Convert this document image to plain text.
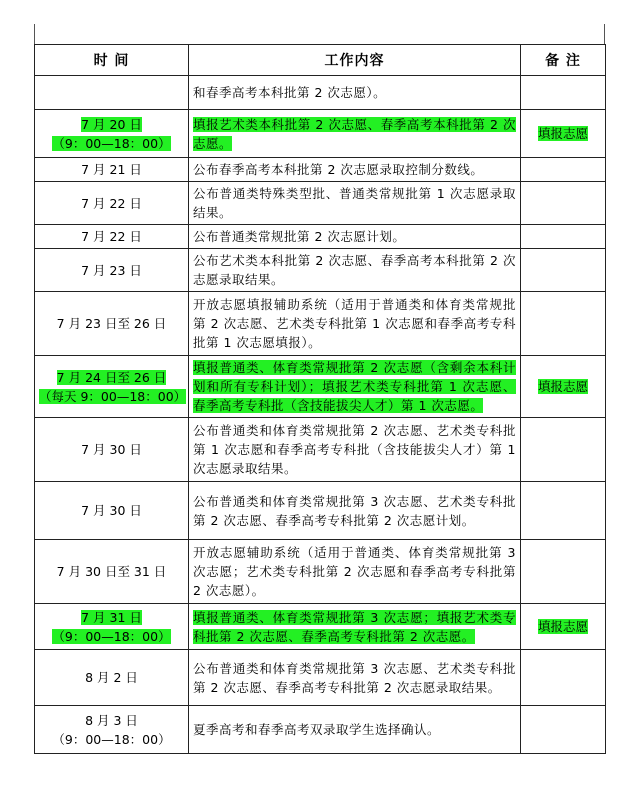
时 间	工作内容	备 注
	和春季高考本科批第 2 次志愿）。	
7 月 20 日
（9：00—18：00）	填报艺术类本科批第 2 次志愿、春季高考本科批第 2 次志愿。	填报志愿
7 月 21 日	公布春季高考本科批第 2 次志愿录取控制分数线。	
7 月 22 日	公布普通类特殊类型批、普通类常规批第 1 次志愿录取结果。	
7 月 22 日	公布普通类常规批第 2 次志愿计划。	
7 月 23 日	公布艺术类本科批第 2 次志愿、春季高考本科批第 2 次志愿录取结果。	
7 月 23 日至 26 日	开放志愿填报辅助系统（适用于普通类和体育类常规批第 2 次志愿、艺术类专科批第 1 次志愿和春季高考专科批第 1 次志愿填报）。	
7 月 24 日至 26 日
（每天 9：00—18：00）	填报普通类、体育类常规批第 2 次志愿（含剩余本科计划和所有专科计划）；填报艺术类专科批第 1 次志愿、春季高考专科批（含技能拔尖人才）第 1 次志愿。	填报志愿
7 月 30 日	公布普通类和体育类常规批第 2 次志愿、艺术类专科批第 1 次志愿和春季高考专科批（含技能拔尖人才）第 1 次志愿录取结果。	
7 月 30 日	公布普通类和体育类常规批第 3 次志愿、艺术类专科批第 2 次志愿、春季高考专科批第 2 次志愿计划。	
7 月 30 日至 31 日	开放志愿辅助系统（适用于普通类、体育类常规批第 3 次志愿；艺术类专科批第 2 次志愿和春季高考专科批第 2 次志愿）。	
7 月 31 日
（9：00—18：00）	填报普通类、体育类常规批第 3 次志愿；填报艺术类专科批第 2 次志愿、春季高考专科批第 2 次志愿。	填报志愿
8 月 2 日	公布普通类和体育类常规批第 3 次志愿、艺术类专科批第 2 次志愿、春季高考专科批第 2 次志愿录取结果。	
8 月 3 日
（9：00—18：00）	夏季高考和春季高考双录取学生选择确认。	
